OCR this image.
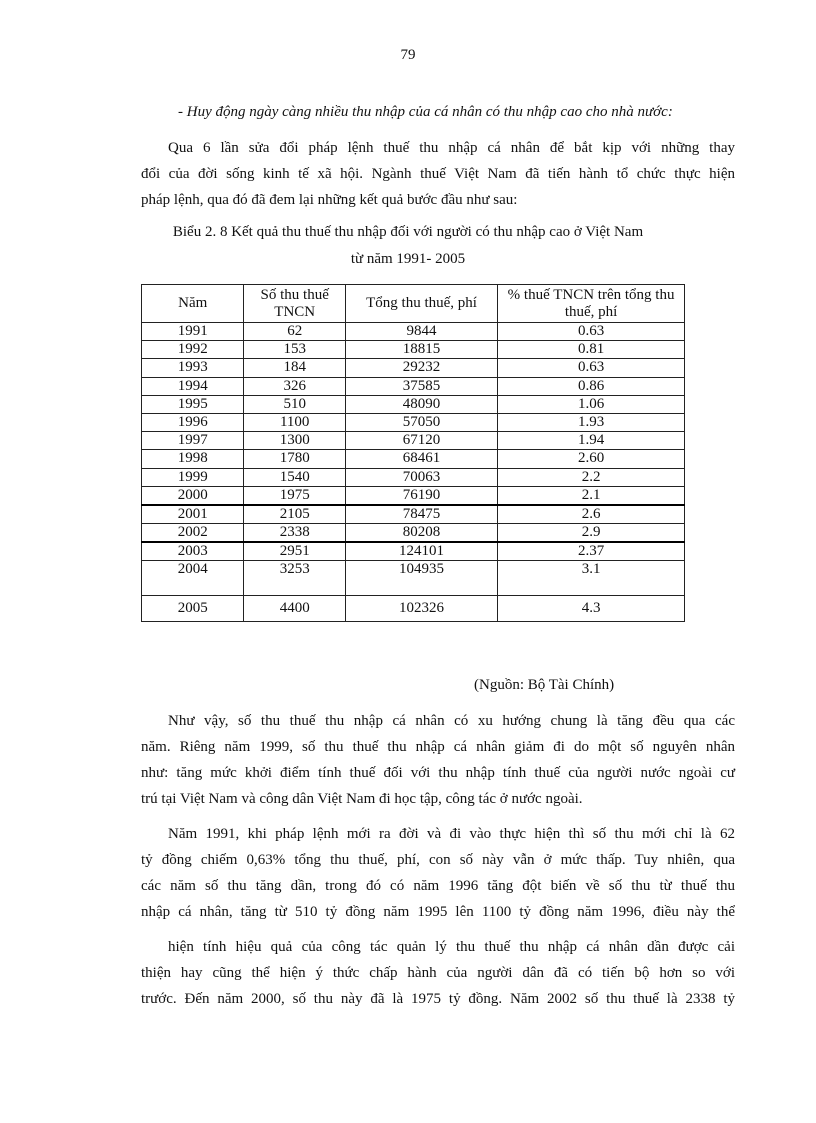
79
- Huy động ngày càng nhiều thu nhập của cá nhân có thu nhập cao cho nhà nước:
Qua 6 lần sửa đổi pháp lệnh thuế thu nhập cá nhân để bắt kịp với những thay
đổi của đời sống kinh tế xã hội. Ngành thuế Việt Nam đã tiến hành tổ chức thực hiện
pháp lệnh, qua đó đã đem lại những kết quả bước đầu như sau:
Biểu 2. 8 Kết quả thu thuế thu nhập đối với người có thu nhập cao ở Việt Nam
từ năm 1991- 2005
Năm	Số thu thuế TNCN	Tổng thu thuế, phí	% thuế TNCN trên tổng thu thuế, phí
1991	62	9844	0.63
1992	153	18815	0.81
1993	184	29232	0.63
1994	326	37585	0.86
1995	510	48090	1.06
1996	1100	57050	1.93
1997	1300	67120	1.94
1998	1780	68461	2.60
1999	1540	70063	2.2
2000	1975	76190	2.1
2001	2105	78475	2.6
2002	2338	80208	2.9
2003	2951	124101	2.37
2004	3253	104935	3.1
2005	4400	102326	4.3
(Nguồn: Bộ Tài Chính)
Như vậy, số thu thuế thu nhập cá nhân có xu hướng chung là tăng đều qua các
năm. Riêng năm 1999, số thu thuế thu nhập cá nhân giảm đi do một số nguyên nhân
như: tăng mức khởi điểm tính thuế đối với thu nhập tính thuế của người nước ngoài cư
trú tại Việt Nam và công dân Việt Nam đi học tập, công tác ở nước ngoài.
Năm 1991, khi pháp lệnh mới ra đời và đi vào thực hiện thì số thu mới chỉ là 62
tỷ đồng chiếm 0,63% tổng thu thuế, phí, con số này vẫn ở mức thấp. Tuy nhiên, qua
các năm số thu tăng dần, trong đó có năm 1996 tăng đột biến về số thu từ thuế thu
nhập cá nhân, tăng từ 510 tỷ đồng năm 1995 lên 1100 tỷ đồng năm 1996, điều này thể
hiện tính hiệu quả của công tác quản lý thu thuế thu nhập cá nhân dần được cải
thiện hay cũng thể hiện ý thức chấp hành của người dân đã có tiến bộ hơn so với
trước. Đến năm 2000, số thu này đã là 1975 tỷ đồng. Năm 2002 số thu thuế là 2338 tỷ
